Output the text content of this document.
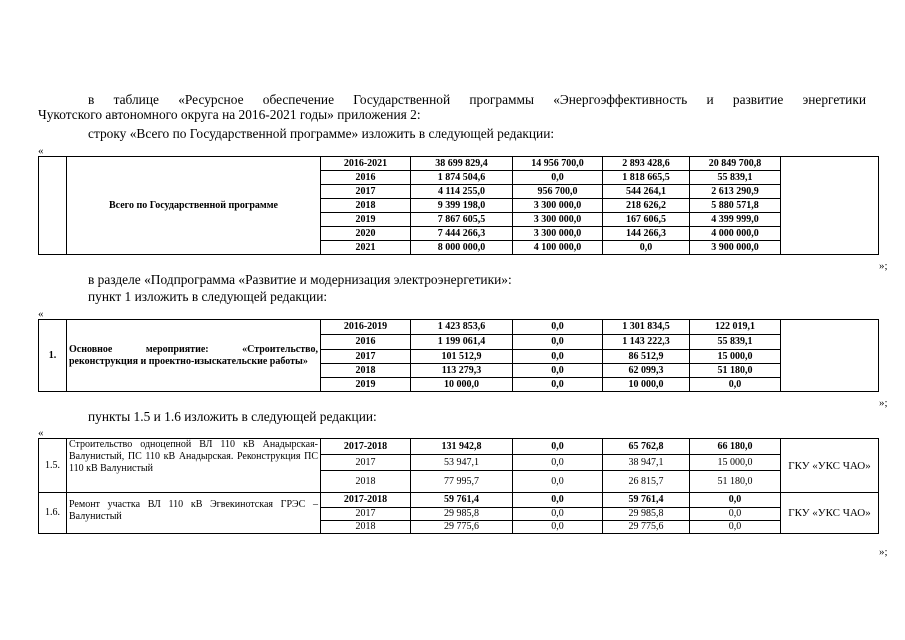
в таблице «Ресурсное обеспечение Государственной программы «Энергоэффективность и развитие энергетики
Чукотского автономного округа на 2016-2021 годы» приложения 2:
строку «Всего по Государственной программе» изложить в следующей редакции:
«
	Всего по Государственной программе	2016-2021	38 699 829,4	14 956 700,0	2 893 428,6	20 849 700,8	
		2016	1 874 504,6	0,0	1 818 665,5	55 839,1	
		2017	4 114 255,0	956 700,0	544 264,1	2 613 290,9	
		2018	9 399 198,0	3 300 000,0	218 626,2	5 880 571,8	
		2019	7 867 605,5	3 300 000,0	167 606,5	4 399 999,0	
		2020	7 444 266,3	3 300 000,0	144 266,3	4 000 000,0	
		2021	8 000 000,0	4 100 000,0	0,0	3 900 000,0	
»;
в разделе «Подпрограмма «Развитие и модернизация электроэнергетики»:
пункт 1 изложить в следующей редакции:
«
1.	Основное мероприятие: «Строительство, реконструкция и проектно-изыскательские работы»	2016-2019	1 423 853,6	0,0	1 301 834,5	122 019,1	
		2016	1 199 061,4	0,0	1 143 222,3	55 839,1	
		2017	101 512,9	0,0	86 512,9	15 000,0	
		2018	113 279,3	0,0	62 099,3	51 180,0	
		2019	10 000,0	0,0	10 000,0	0,0	
»;
пункты 1.5 и 1.6 изложить в следующей редакции:
«
1.5.	Строительство одноцепной ВЛ 110 кВ Анадырская-Валунистый, ПС 110 кВ Анадырская. Реконструкция ПС 110 кВ Валунистый	2017-2018	131 942,8	0,0	65 762,8	66 180,0	ГКУ «УКС ЧАО»
		2017	53 947,1	0,0	38 947,1	15 000,0	
		2018	77 995,7	0,0	26 815,7	51 180,0	
1.6.	Ремонт участка ВЛ 110 кВ Эгвекинотская ГРЭС – Валунистый	2017-2018	59 761,4	0,0	59 761,4	0,0	ГКУ «УКС ЧАО»
		2017	29 985,8	0,0	29 985,8	0,0	
		2018	29 775,6	0,0	29 775,6	0,0	
»;
